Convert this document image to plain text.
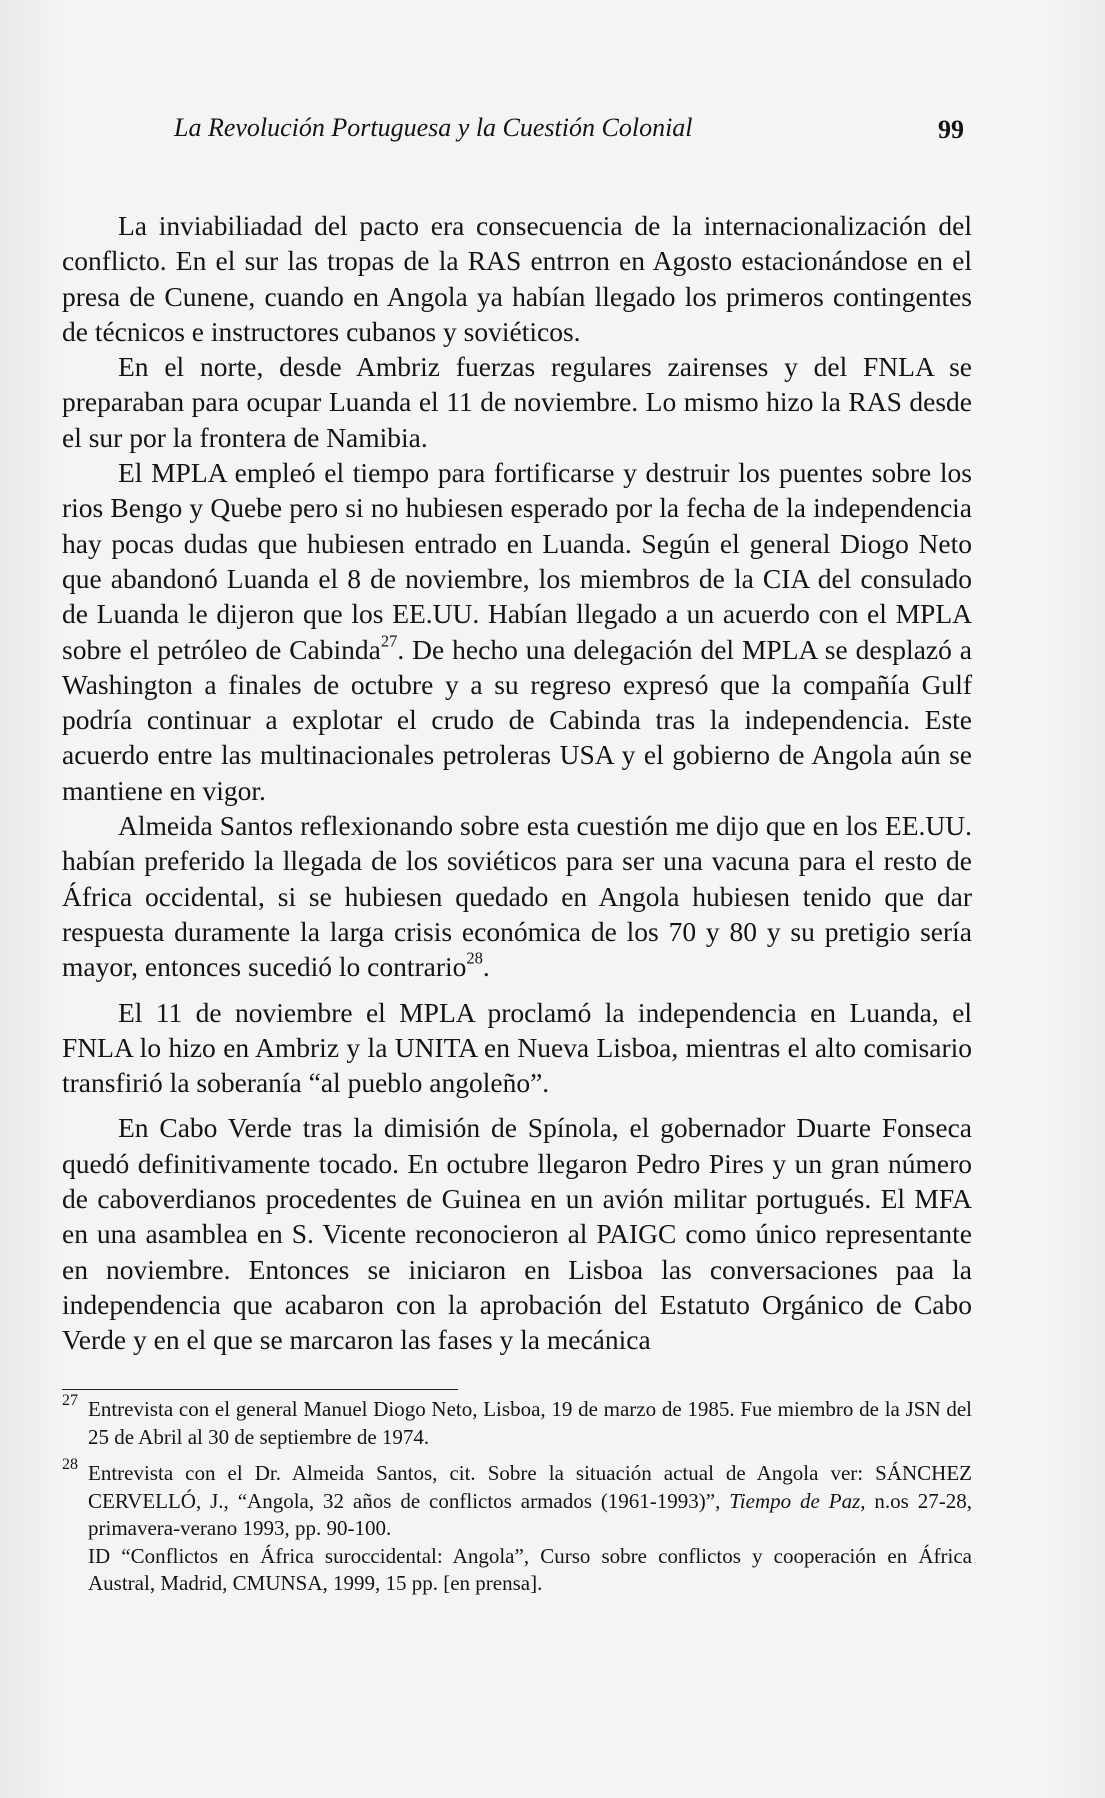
La Revolución Portuguesa y la Cuestión Colonial	99

La inviabiliadad del pacto era consecuencia de la internacionalización del conflicto. En el sur las tropas de la RAS entrron en Agosto estacionándose en el presa de Cunene, cuando en Angola ya habían llegado los primeros contingentes de técnicos e instructores cubanos y soviéticos.

En el norte, desde Ambriz fuerzas regulares zairenses y del FNLA se preparaban para ocupar Luanda el 11 de noviembre. Lo mismo hizo la RAS desde el sur por la frontera de Namibia.

El MPLA empleó el tiempo para fortificarse y destruir los puentes sobre los rios Bengo y Quebe pero si no hubiesen esperado por la fecha de la independencia hay pocas dudas que hubiesen entrado en Luanda. Según el general Diogo Neto que abandonó Luanda el 8 de noviembre, los miembros de la CIA del consulado de Luanda le dijeron que los EE.UU. Habían llegado a un acuerdo con el MPLA sobre el petróleo de Cabinda$^{27}$. De hecho una delegación del MPLA se desplazó a Washington a finales de octubre y a su regreso expresó que la compañía Gulf podría continuar a explotar el crudo de Cabinda tras la independencia. Este acuerdo entre las multinacionales petroleras USA y el gobierno de Angola aún se mantiene en vigor.

Almeida Santos reflexionando sobre esta cuestión me dijo que en los EE.UU. habían preferido la llegada de los soviéticos para ser una vacuna para el resto de África occidental, si se hubiesen quedado en Angola hubiesen tenido que dar respuesta duramente la larga crisis económica de los 70 y 80 y su pretigio sería mayor, entonces sucedió lo contrario$^{28}$.

El 11 de noviembre el MPLA proclamó la independencia en Luanda, el FNLA lo hizo en Ambriz y la UNITA en Nueva Lisboa, mientras el alto comisario transfirió la soberanía “al pueblo angoleño”.

En Cabo Verde tras la dimisión de Spínola, el gobernador Duarte Fonseca quedó definitivamente tocado. En octubre llegaron Pedro Pires y un gran número de caboverdianos procedentes de Guinea en un avión militar portugués. El MFA en una asamblea en S. Vicente reconocieron al PAIGC como único representante en noviembre. Entonces se iniciaron en Lisboa las conversaciones paa la independencia que acabaron con la aprobación del Estatuto Orgánico de Cabo Verde y en el que se marcaron las fases y la mecánica

27 Entrevista con el general Manuel Diogo Neto, Lisboa, 19 de marzo de 1985. Fue miembro de la JSN del 25 de Abril al 30 de septiembre de 1974.

28 Entrevista con el Dr. Almeida Santos, cit. Sobre la situación actual de Angola ver: SÁNCHEZ CERVELLÓ, J., “Angola, 32 años de conflictos armados (1961-1993)”, Tiempo de Paz, n.os 27-28, primavera-verano 1993, pp. 90-100.

ID “Conflictos en África suroccidental: Angola”, Curso sobre conflictos y cooperación en África Austral, Madrid, CMUNSA, 1999, 15 pp. [en prensa].
